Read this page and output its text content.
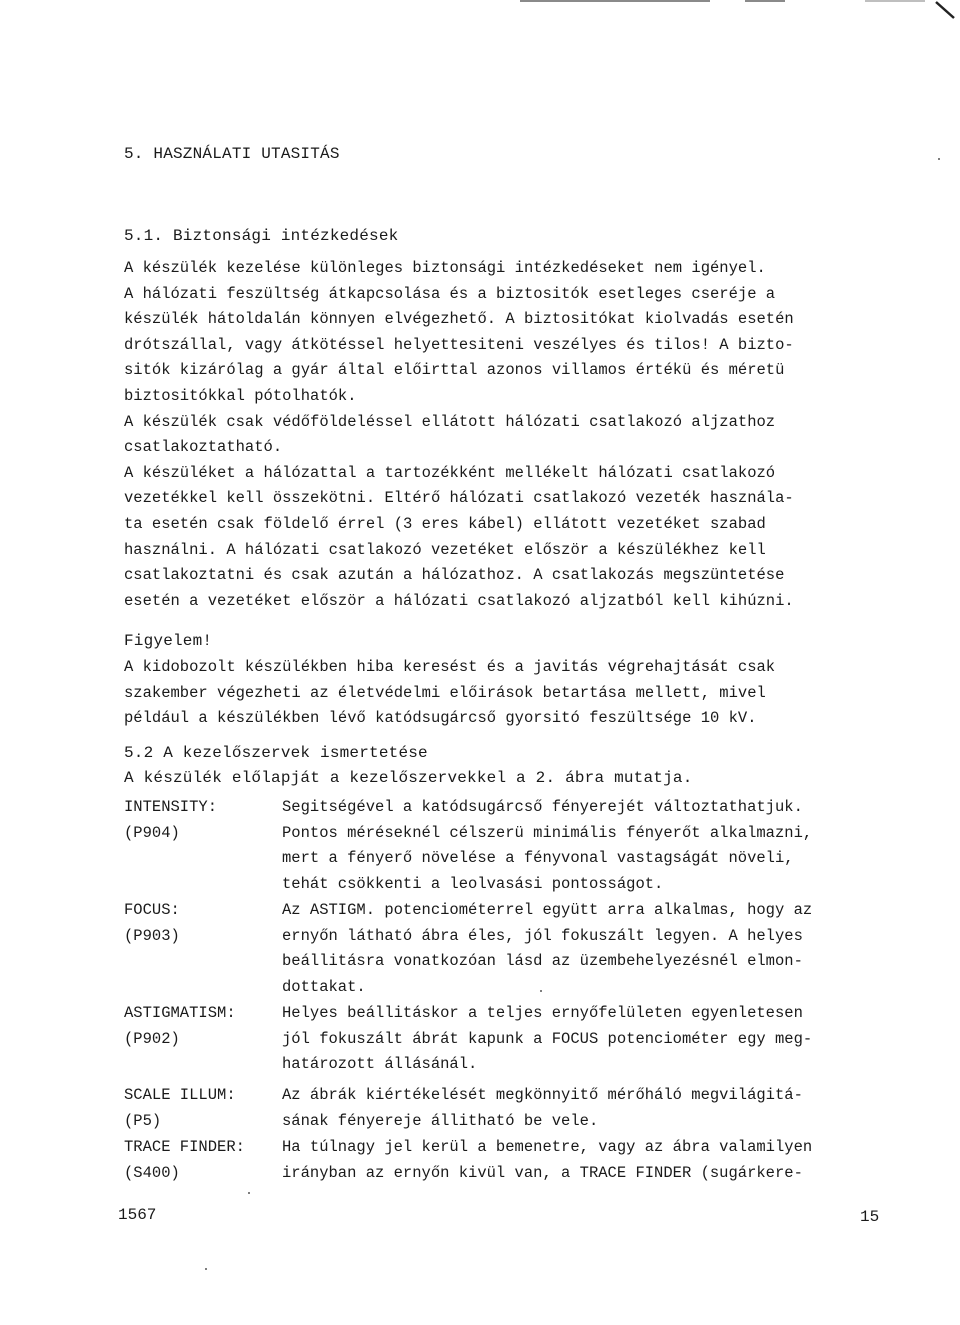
5. HASZNÁLATI UTASITÁS
5.1. Biztonsági intézkedések

A készülék kezelése különleges biztonsági intézkedéseket nem igényel.
A hálózati feszültség átkapcsolása és a biztositók esetleges cseréje a
készülék hátoldalán könnyen elvégezhető. A biztositókat kiolvadás esetén
drótszállal, vagy átkötéssel helyettesiteni veszélyes és tilos! A bizto-
sitók kizárólag a gyár által előirttal azonos villamos értékü és méretü
biztositókkal pótolhatók.
A készülék csak védőföldeléssel ellátott hálózati csatlakozó aljzathoz
csatlakoztatható.
A készüléket a hálózattal a tartozékként mellékelt hálózati csatlakozó
vezetékkel kell összekötni. Eltérő hálózati csatlakozó vezeték használa-
ta esetén csak földelő érrel (3 eres kábel) ellátott vezetéket szabad
használni. A hálózati csatlakozó vezetéket először a készülékhez kell
csatlakoztatni és csak azután a hálózathoz. A csatlakozás megszüntetése
esetén a vezetéket először a hálózati csatlakozó aljzatból kell kihúzni.

Figyelem!

A kidobozolt készülékben hiba keresést és a javitás végrehajtását csak
szakember végezheti az életvédelmi előirások betartása mellett, mivel
például a készülékben lévő katódsugárcső gyorsitó feszültsége 10 kV.

5.2 A kezelőszervek ismertetése
A készülék előlapját a kezelőszervekkel a 2. ábra mutatja.
INTENSITY:
(P904)
Segitségével a katódsugárcső fényerejét változtathatjuk.
Pontos méréseknél célszerü minimális fényerőt alkalmazni,
mert a fényerő növelése a fényvonal vastagságát növeli,
tehát csökkenti a leolvasási pontosságot.
FOCUS:
(P903)
Az ASTIGM. potenciométerrel együtt arra alkalmas, hogy az
ernyőn látható ábra éles, jól fokuszált legyen. A helyes
beállitásra vonatkozóan lásd az üzembehelyezésnél elmon-
dottakat.
ASTIGMATISM:
(P902)
Helyes beállitáskor a teljes ernyőfelületen egyenletesen
jól fokuszált ábrát kapunk a FOCUS potenciométer egy meg-
határozott állásánál.
SCALE ILLUM:
(P5)
Az ábrák kiértékelését megkönnyitő mérőháló megvilágitá-
sának fényereje állitható be vele.
TRACE FINDER:
(S400)
Ha túlnagy jel kerül a bemenetre, vagy az ábra valamilyen
irányban az ernyőn kivül van, a TRACE FINDER (sugárkere-
1567	15
